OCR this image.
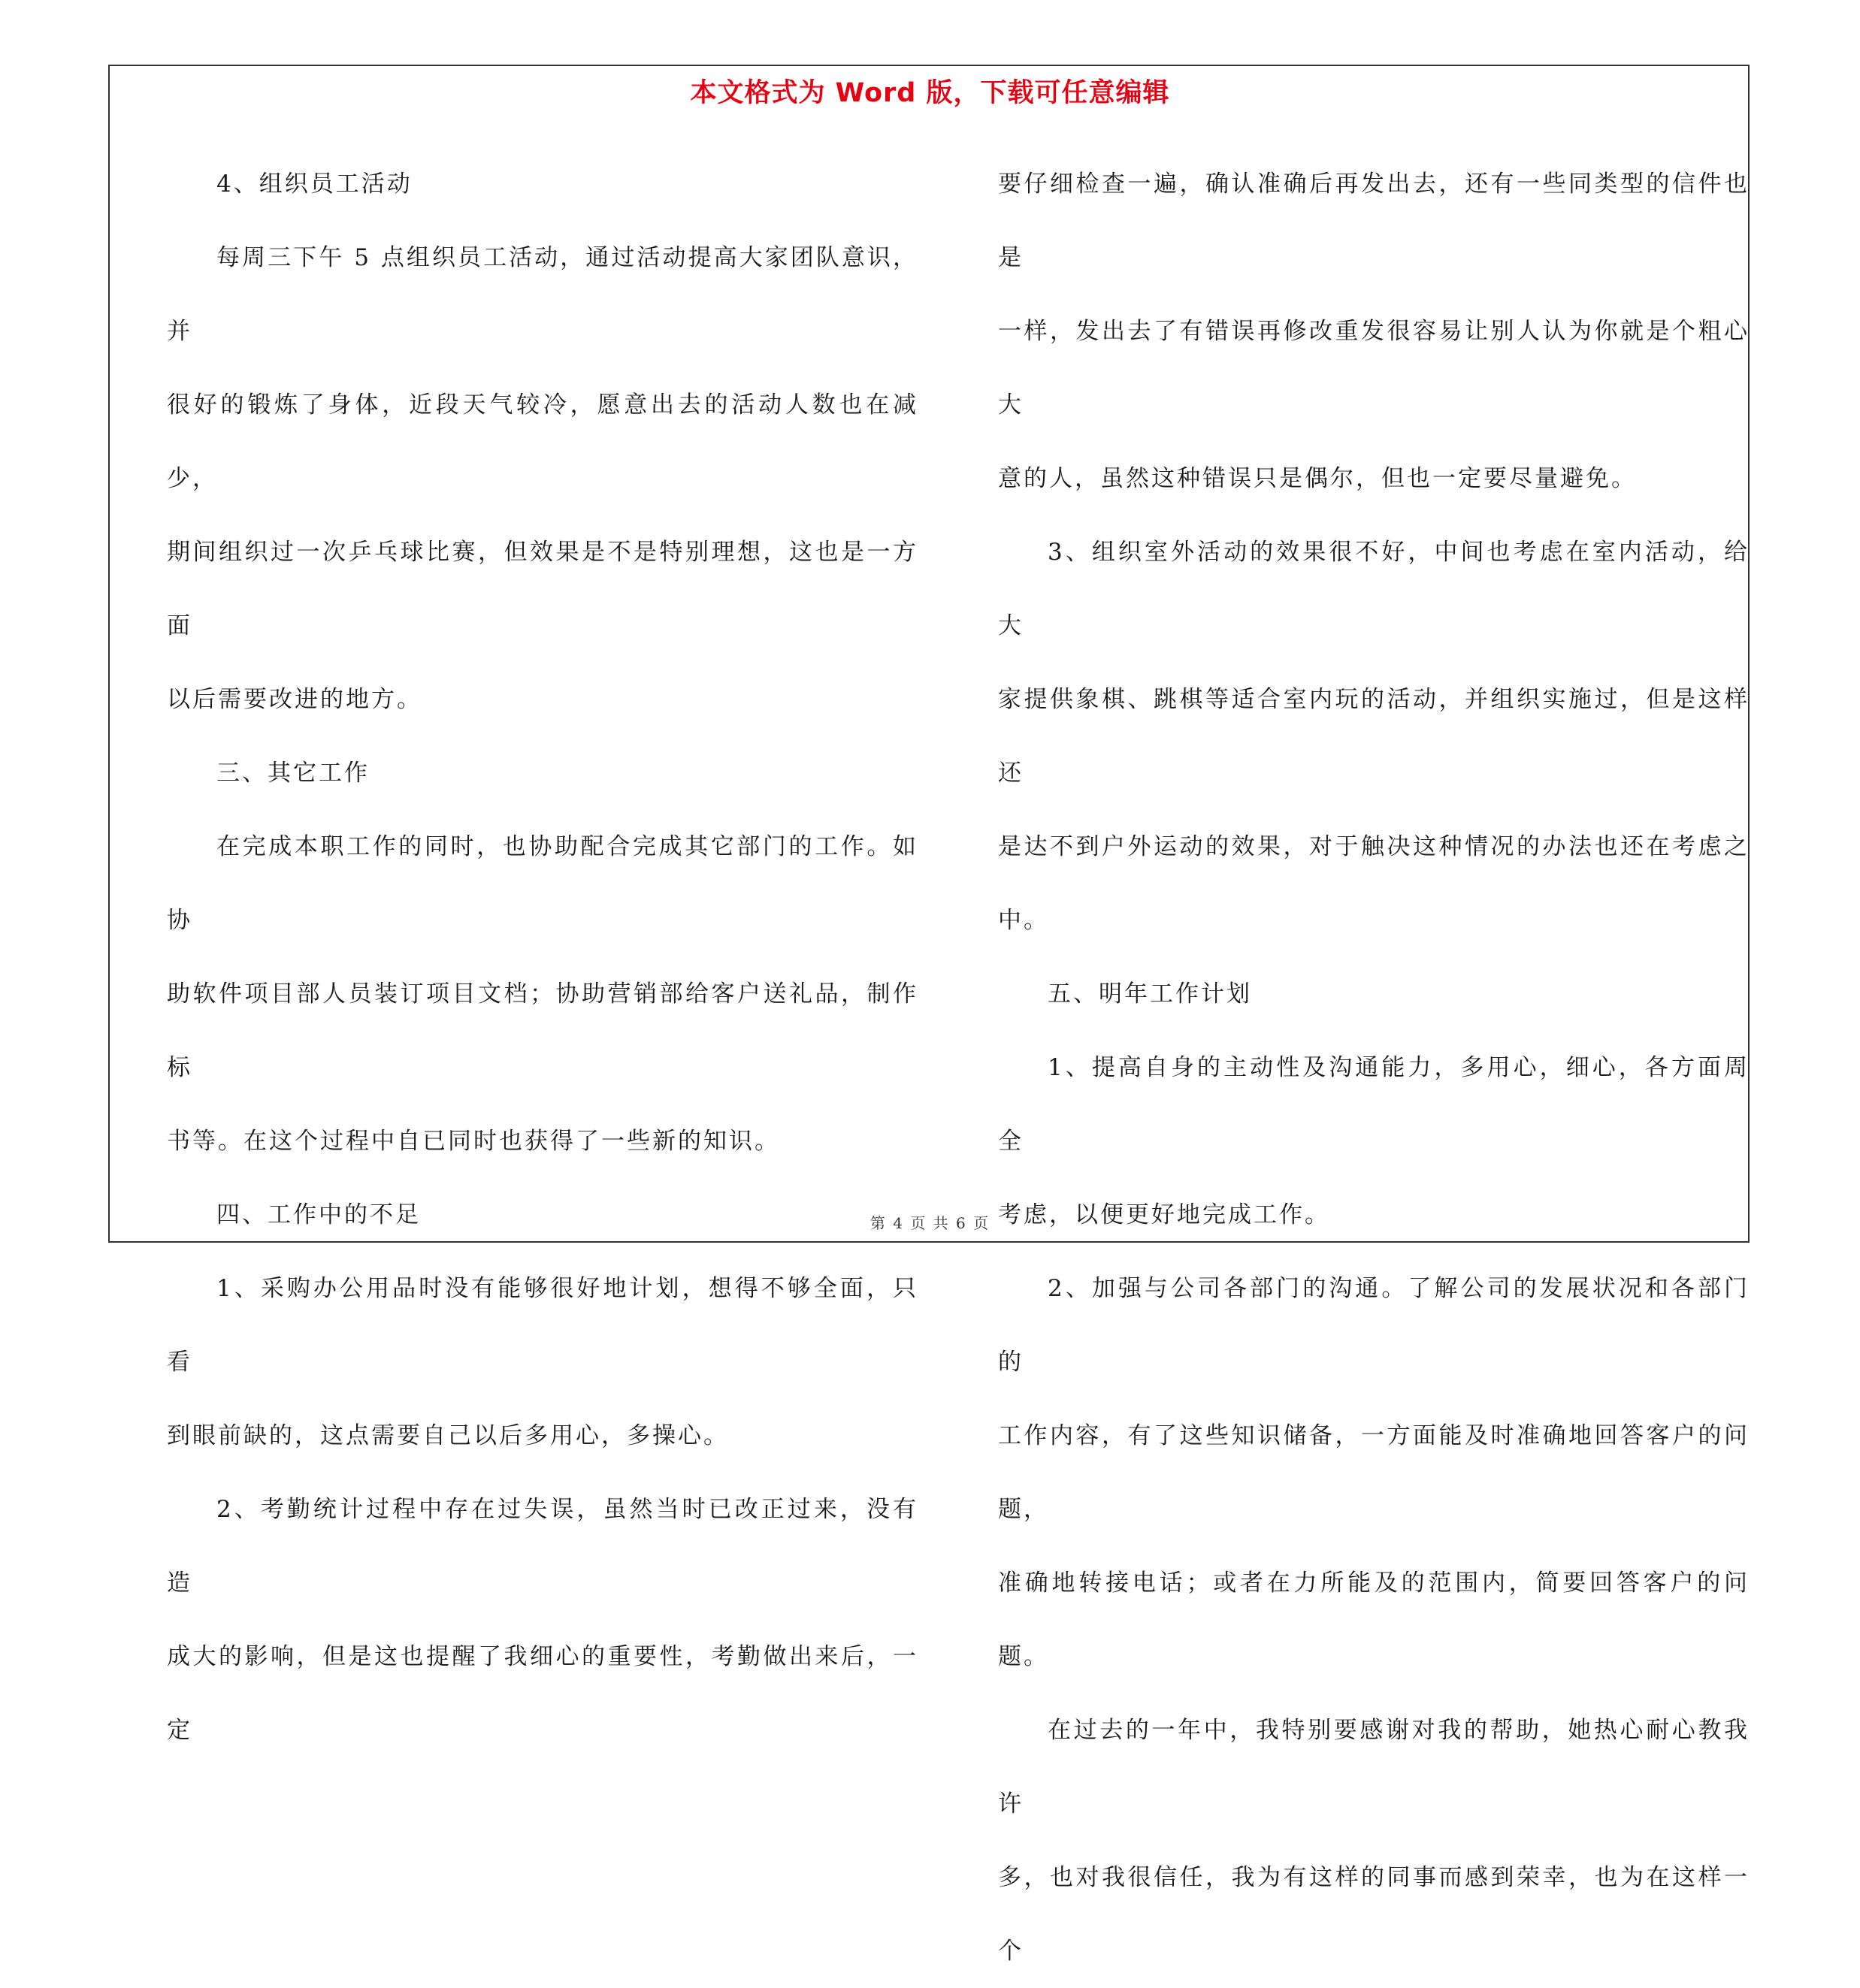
本文格式为 Word 版，下载可任意编辑

4、组织员工活动

每周三下午 5 点组织员工活动，通过活动提高大家团队意识，并

很好的锻炼了身体，近段天气较冷，愿意出去的活动人数也在减少，

期间组织过一次乒乓球比赛，但效果是不是特别理想，这也是一方面

以后需要改进的地方。

三、其它工作

在完成本职工作的同时，也协助配合完成其它部门的工作。如协

助软件项目部人员装订项目文档；协助营销部给客户送礼品，制作标

书等。在这个过程中自已同时也获得了一些新的知识。

四、工作中的不足

1、采购办公用品时没有能够很好地计划，想得不够全面，只看

到眼前缺的，这点需要自己以后多用心，多操心。

2、考勤统计过程中存在过失误，虽然当时已改正过来，没有造

成大的影响，但是这也提醒了我细心的重要性，考勤做出来后，一定

要仔细检查一遍，确认准确后再发出去，还有一些同类型的信件也是

一样，发出去了有错误再修改重发很容易让别人认为你就是个粗心大

意的人，虽然这种错误只是偶尔，但也一定要尽量避免。

3、组织室外活动的效果很不好，中间也考虑在室内活动，给大

家提供象棋、跳棋等适合室内玩的活动，并组织实施过，但是这样还

是达不到户外运动的效果，对于触决这种情况的办法也还在考虑之中。

五、明年工作计划

1、提高自身的主动性及沟通能力，多用心，细心，各方面周全

考虑，以便更好地完成工作。

2、加强与公司各部门的沟通。了解公司的发展状况和各部门的

工作内容，有了这些知识储备，一方面能及时准确地回答客户的问题，

准确地转接电话；或者在力所能及的范围内，简要回答客户的问题。

在过去的一年中，我特别要感谢对我的帮助，她热心耐心教我许

多，也对我很信任，我为有这样的同事而感到荣幸，也为在这样一个

第 4 页 共 6 页
